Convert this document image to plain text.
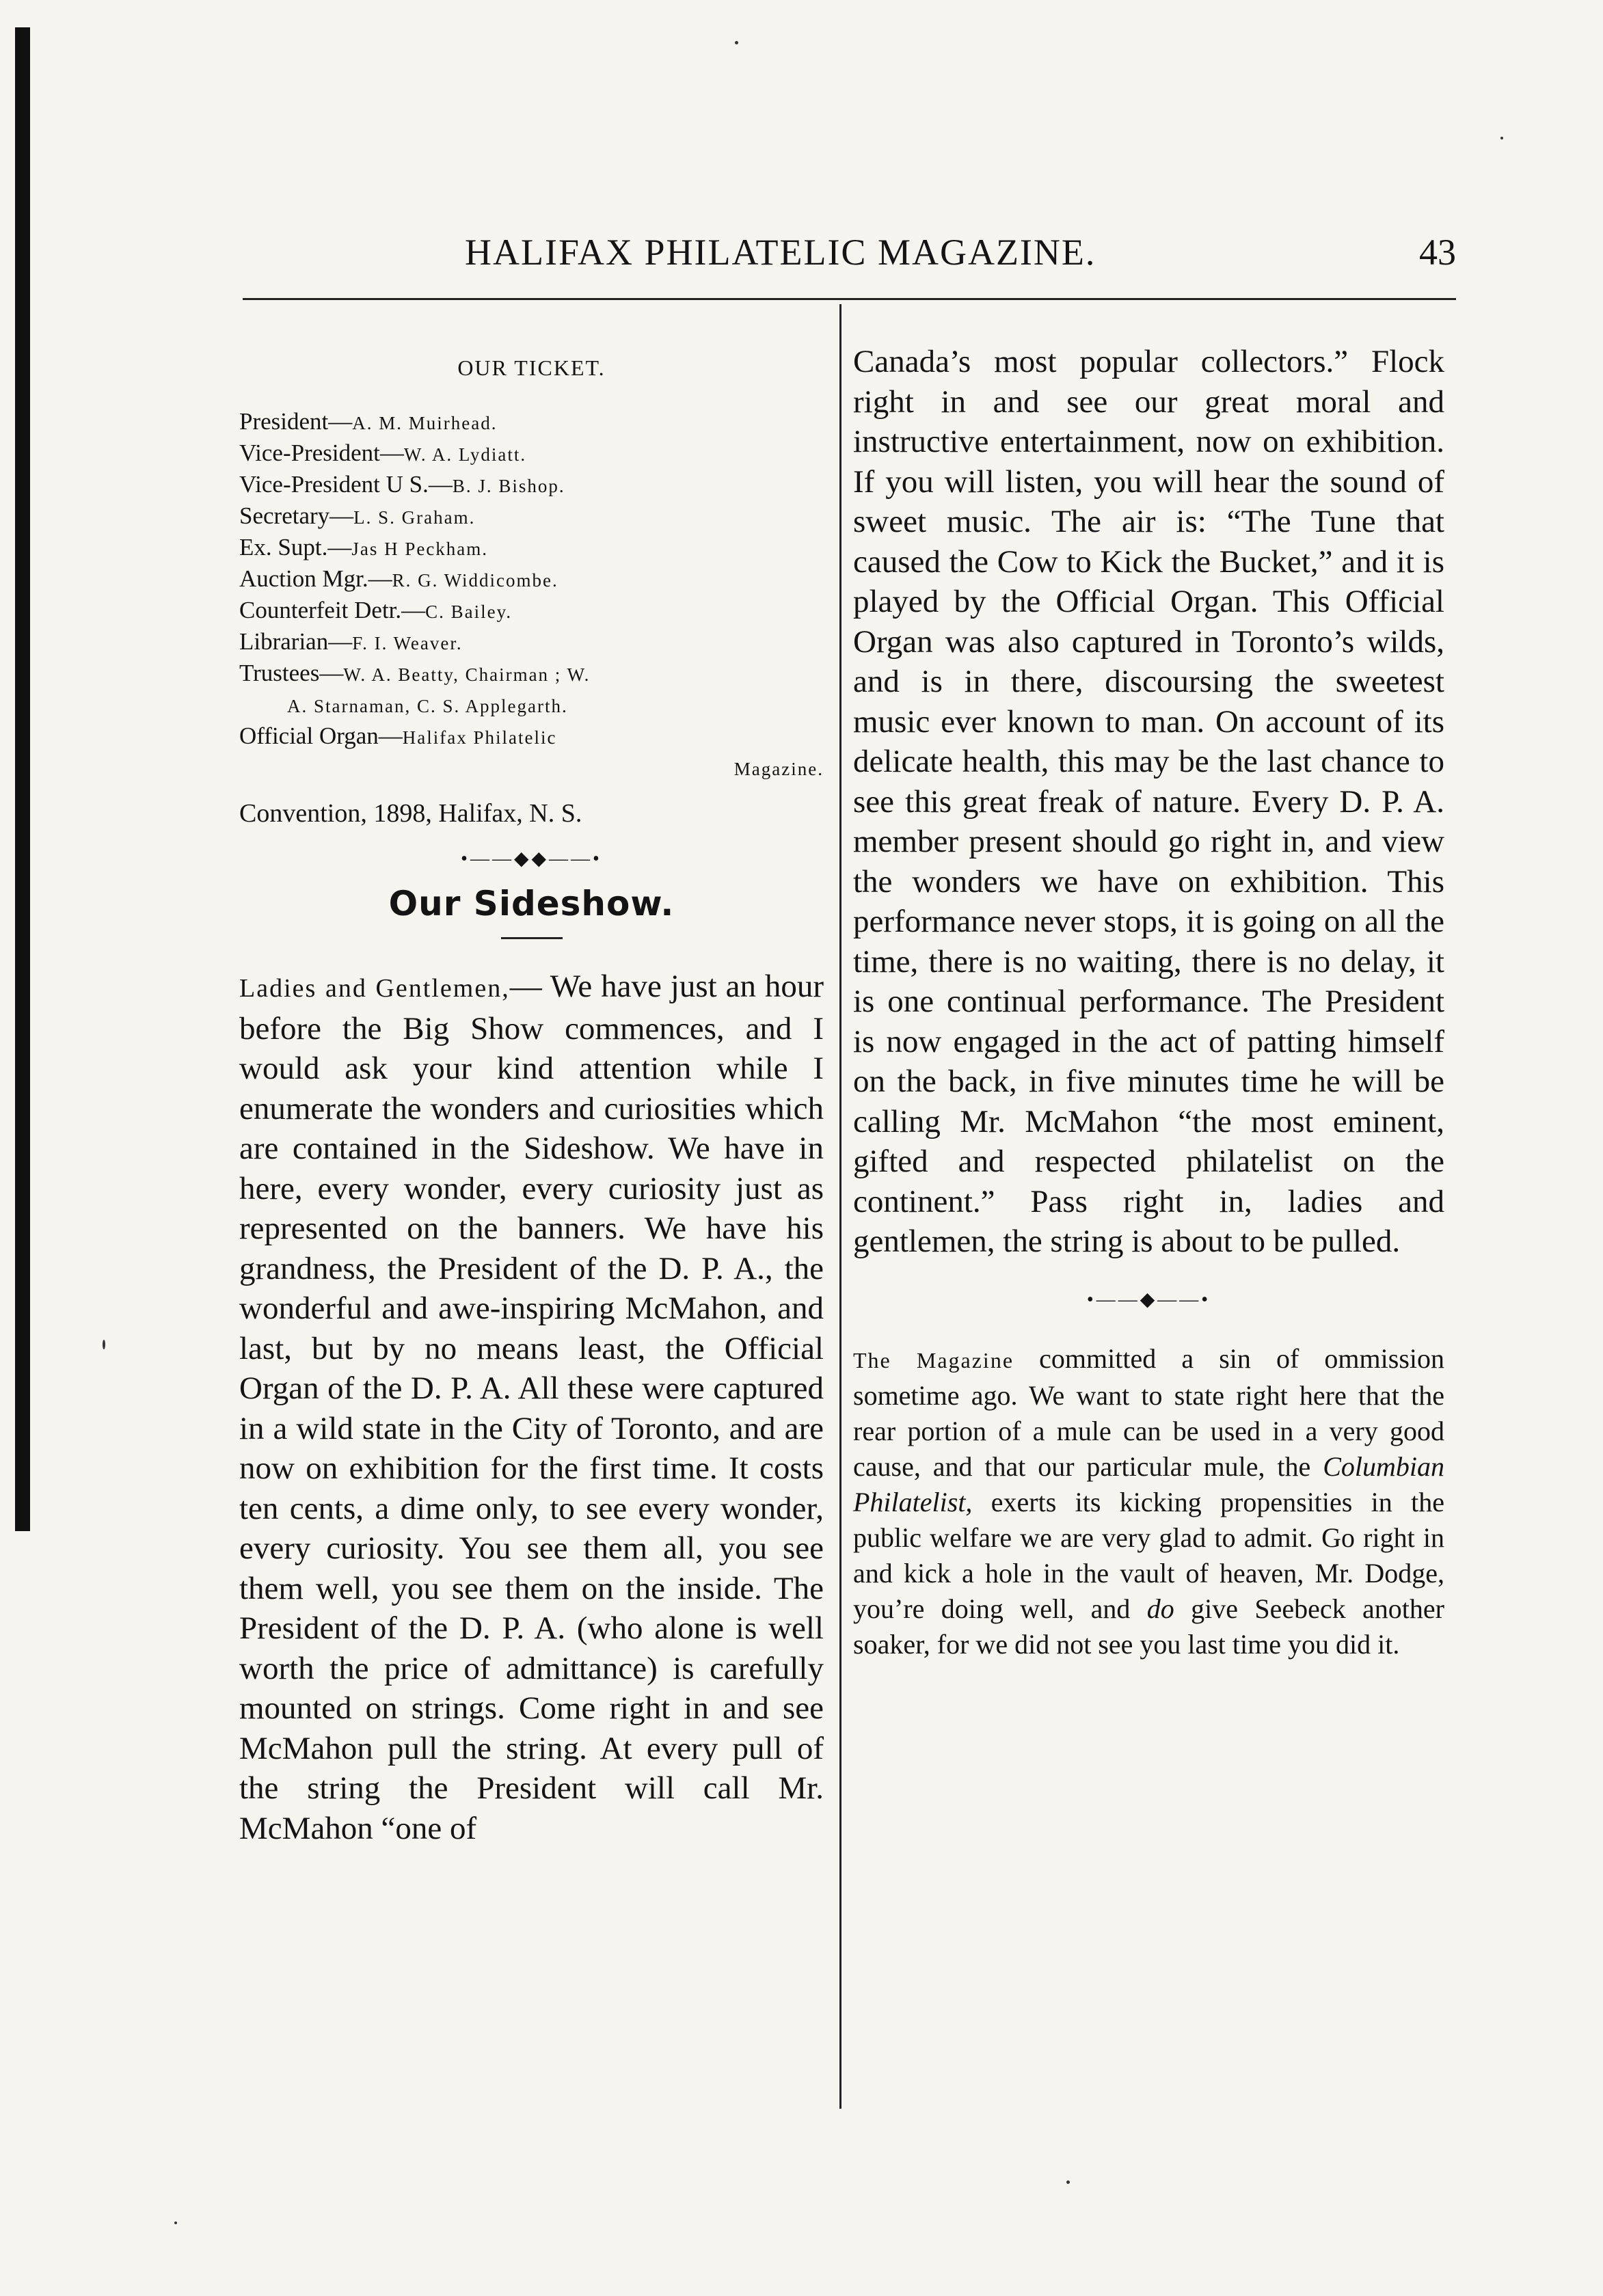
HALIFAX PHILATELIC MAGAZINE.	43
OUR TICKET.
President—A. M. Muirhead.
Vice-President—W. A. Lydiatt.
Vice-President U S.—B. J. Bishop.
Secretary—L. S. Graham.
Ex. Supt.—Jas H Peckham.
Auction Mgr.—R. G. Widdicombe.
Counterfeit Detr.—C. Bailey.
Librarian—F. I. Weaver.
Trustees—W. A. Beatty, Chairman ; W.
A. Starnaman, C. S. Applegarth.
Official Organ—Halifax Philatelic
Magazine.
Convention, 1898, Halifax, N. S.
•——◆◆——•
Our Sideshow.

Ladies and Gentlemen,— We have just an hour before the Big Show commences, and I would ask your kind attention while I enumerate the wonders and curiosities which are contained in the Sideshow. We have in here, every wonder, every curiosity just as represented on the banners. We have his grandness, the President of the D. P. A., the wonderful and awe-inspiring McMahon, and last, but by no means least, the Official Organ of the D. P. A. All these were captured in a wild state in the City of Toronto, and are now on exhibition for the first time. It costs ten cents, a dime only, to see every wonder, every curiosity. You see them all, you see them well, you see them on the inside. The President of the D. P. A. (who alone is well worth the price of admittance) is carefully mounted on strings. Come right in and see McMahon pull the string. At every pull of the string the President will call Mr. McMahon “one of

Canada’s most popular collectors.” Flock right in and see our great moral and instructive entertainment, now on exhibition. If you will listen, you will hear the sound of sweet music. The air is: “The Tune that caused the Cow to Kick the Bucket,” and it is played by the Official Organ. This Official Organ was also captured in Toronto’s wilds, and is in there, discoursing the sweetest music ever known to man. On account of its delicate health, this may be the last chance to see this great freak of nature. Every D. P. A. member present should go right in, and view the wonders we have on exhibition. This performance never stops, it is going on all the time, there is no waiting, there is no delay, it is one continual performance. The President is now engaged in the act of patting himself on the back, in five minutes time he will be calling Mr. McMahon “the most eminent, gifted and respected philatelist on the continent.” Pass right in, ladies and gentlemen, the string is about to be pulled.

•——◆——•

The Magazine committed a sin of ommission sometime ago. We want to state right here that the rear portion of a mule can be used in a very good cause, and that our particular mule, the Columbian Philatelist, exerts its kicking propensities in the public welfare we are very glad to admit. Go right in and kick a hole in the vault of heaven, Mr. Dodge, you’re doing well, and do give Seebeck another soaker, for we did not see you last time you did it.
